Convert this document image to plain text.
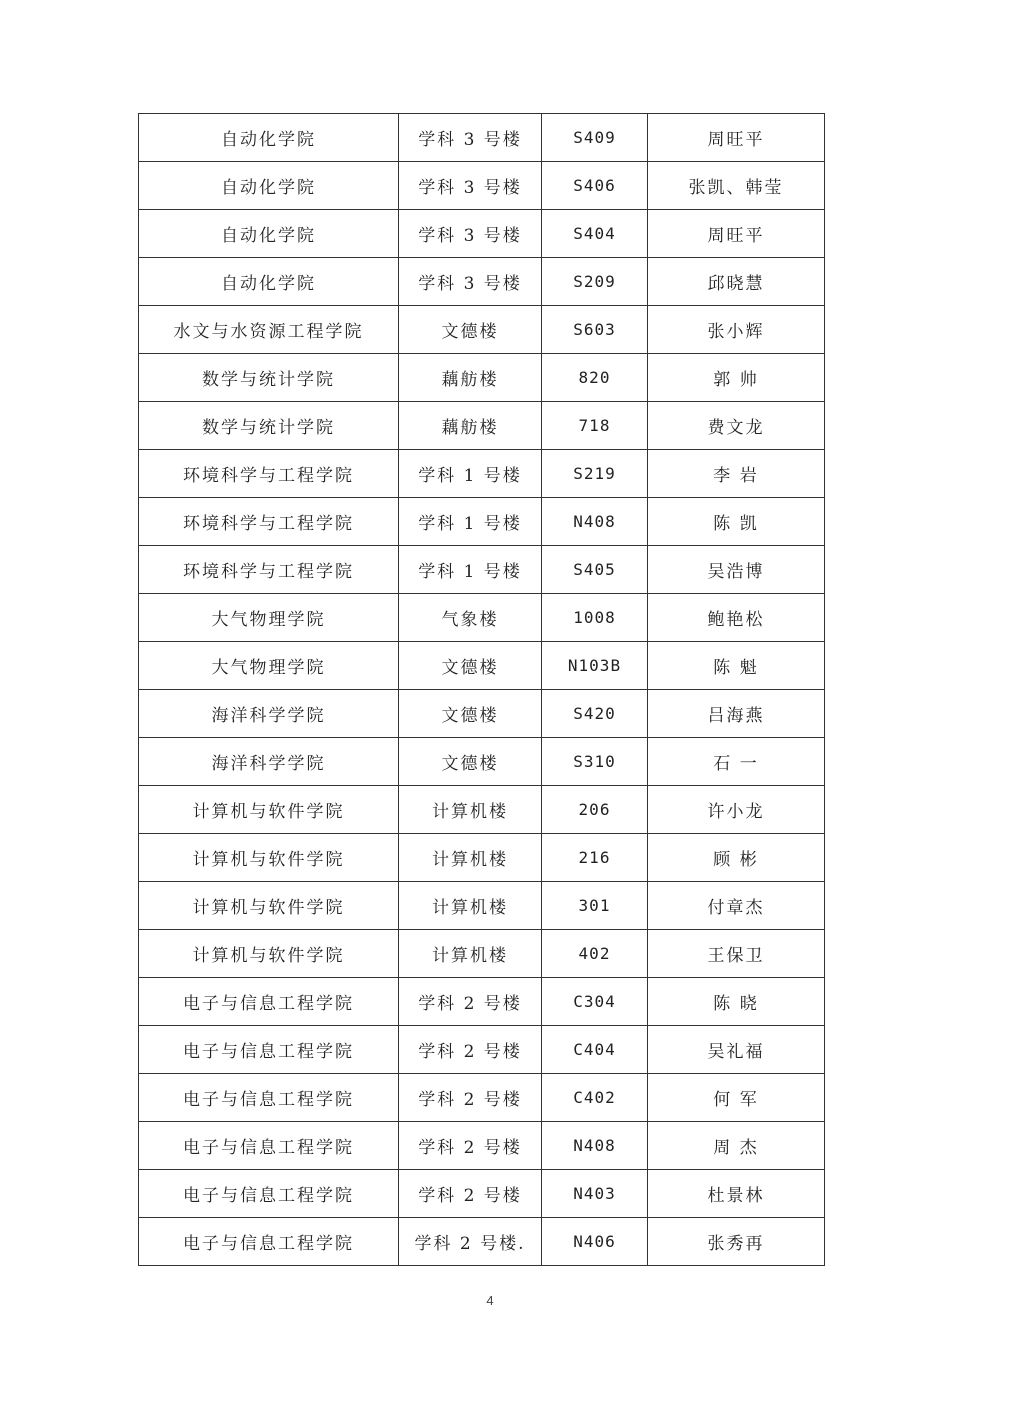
自动化学院	学科 3 号楼	S409	周旺平
自动化学院	学科 3 号楼	S406	张凯、韩莹
自动化学院	学科 3 号楼	S404	周旺平
自动化学院	学科 3 号楼	S209	邱晓慧
水文与水资源工程学院	文德楼	S603	张小辉
数学与统计学院	藕舫楼	820	郭 帅
数学与统计学院	藕舫楼	718	费文龙
环境科学与工程学院	学科 1 号楼	S219	李 岩
环境科学与工程学院	学科 1 号楼	N408	陈 凯
环境科学与工程学院	学科 1 号楼	S405	吴浩博
大气物理学院	气象楼	1008	鲍艳松
大气物理学院	文德楼	N103B	陈 魁
海洋科学学院	文德楼	S420	吕海燕
海洋科学学院	文德楼	S310	石 一
计算机与软件学院	计算机楼	206	许小龙
计算机与软件学院	计算机楼	216	顾 彬
计算机与软件学院	计算机楼	301	付章杰
计算机与软件学院	计算机楼	402	王保卫
电子与信息工程学院	学科 2 号楼	C304	陈 晓
电子与信息工程学院	学科 2 号楼	C404	吴礼福
电子与信息工程学院	学科 2 号楼	C402	何 军
电子与信息工程学院	学科 2 号楼	N408	周 杰
电子与信息工程学院	学科 2 号楼	N403	杜景林
电子与信息工程学院	学科 2 号楼.	N406	张秀再
4
